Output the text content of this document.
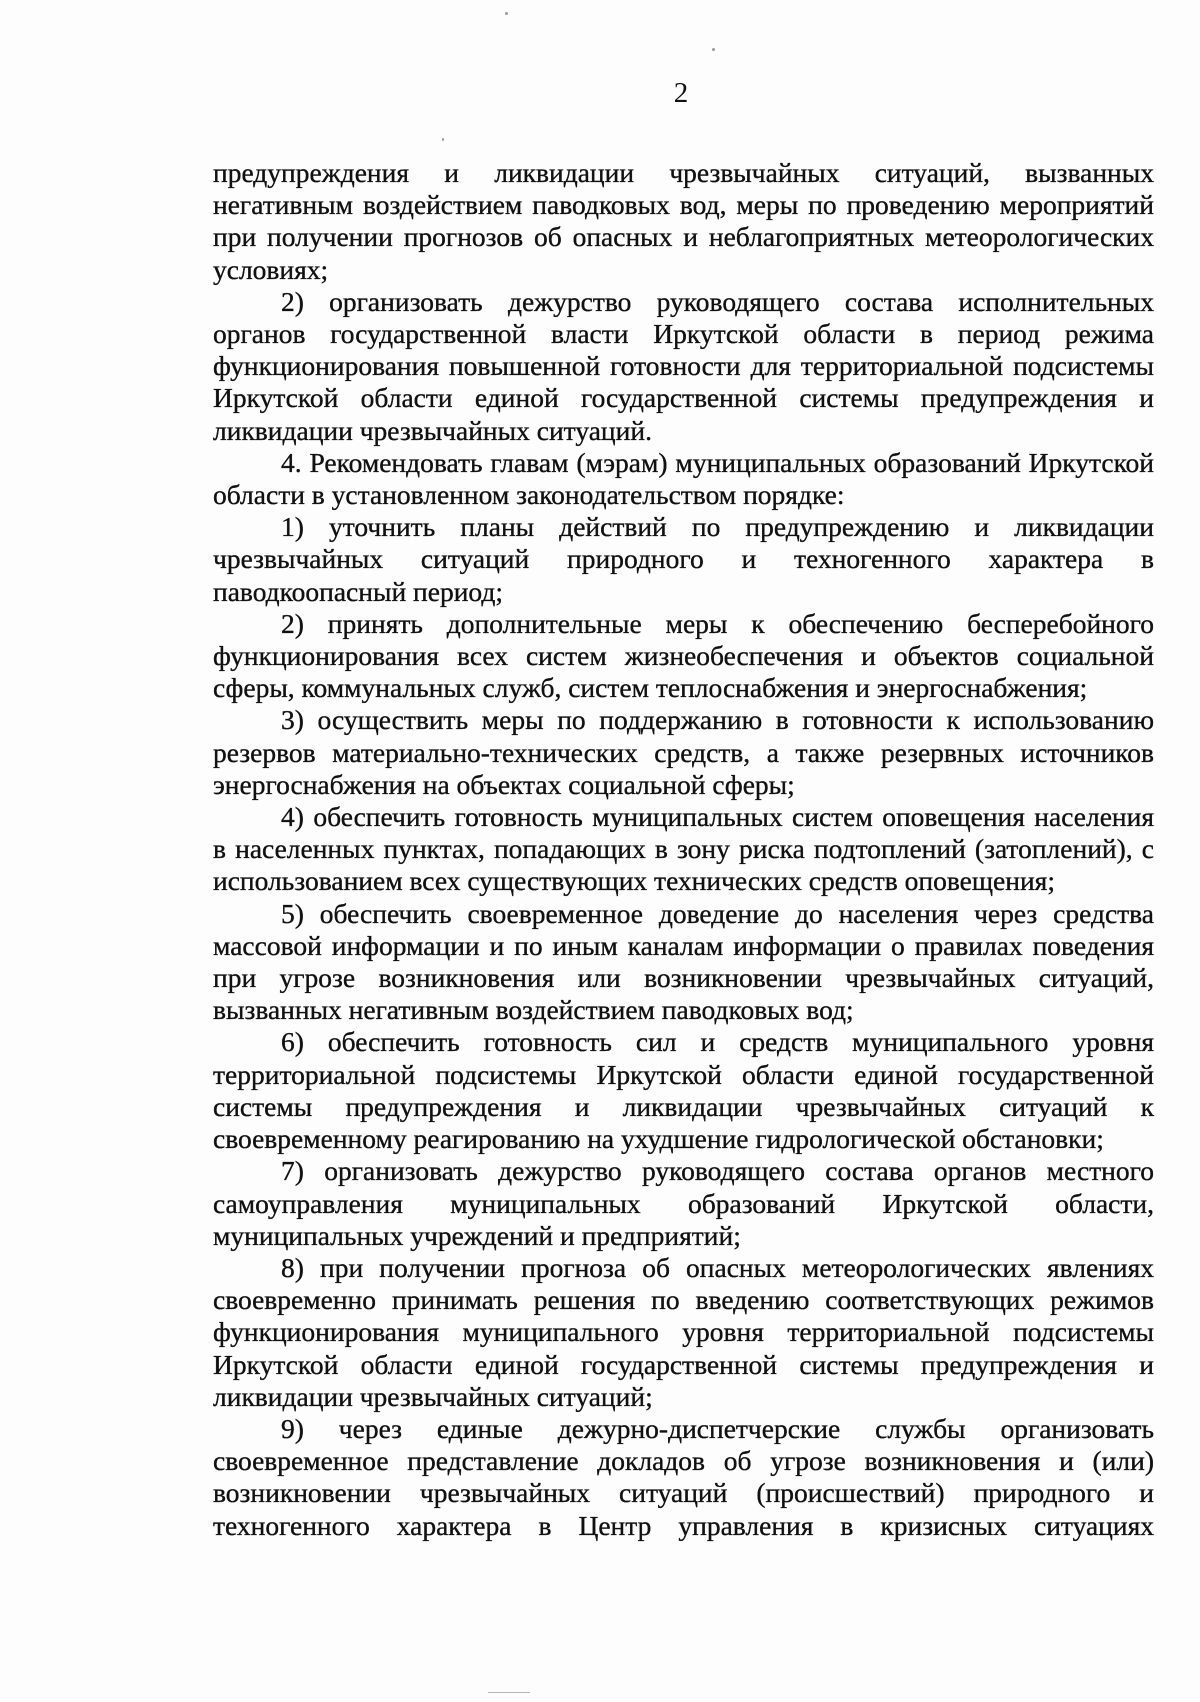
2

предупреждения и ликвидации чрезвычайных ситуаций, вызванных негативным воздействием паводковых вод, меры по проведению мероприятий при получении прогнозов об опасных и неблагоприятных метеорологических условиях;

2) организовать дежурство руководящего состава исполнительных органов государственной власти Иркутской области в период режима функционирования повышенной готовности для территориальной подсистемы Иркутской области единой государственной системы предупреждения и ликвидации чрезвычайных ситуаций.

4. Рекомендовать главам (мэрам) муниципальных образований Иркутской области в установленном законодательством порядке:

1) уточнить планы действий по предупреждению и ликвидации чрезвычайных ситуаций природного и техногенного характера в паводкоопасный период;

2) принять дополнительные меры к обеспечению бесперебойного функционирования всех систем жизнеобеспечения и объектов социальной сферы, коммунальных служб, систем теплоснабжения и энергоснабжения;

3) осуществить меры по поддержанию в готовности к использованию резервов материально-технических средств, а также резервных источников энергоснабжения на объектах социальной сферы;

4) обеспечить готовность муниципальных систем оповещения населения в населенных пунктах, попадающих в зону риска подтоплений (затоплений), с использованием всех существующих технических средств оповещения;

5) обеспечить своевременное доведение до населения через средства массовой информации и по иным каналам информации о правилах поведения при угрозе возникновения или возникновении чрезвычайных ситуаций, вызванных негативным воздействием паводковых вод;

6) обеспечить готовность сил и средств муниципального уровня территориальной подсистемы Иркутской области единой государственной системы предупреждения и ликвидации чрезвычайных ситуаций к своевременному реагированию на ухудшение гидрологической обстановки;

7) организовать дежурство руководящего состава органов местного самоуправления муниципальных образований Иркутской области, муниципальных учреждений и предприятий;

8) при получении прогноза об опасных метеорологических явлениях своевременно принимать решения по введению соответствующих режимов функционирования муниципального уровня территориальной подсистемы Иркутской области единой государственной системы предупреждения и ликвидации чрезвычайных ситуаций;

9) через единые дежурно-диспетчерские службы организовать своевременное представление докладов об угрозе возникновения и (или) возникновении чрезвычайных ситуаций (происшествий) природного и техногенного характера в Центр управления в кризисных ситуациях
